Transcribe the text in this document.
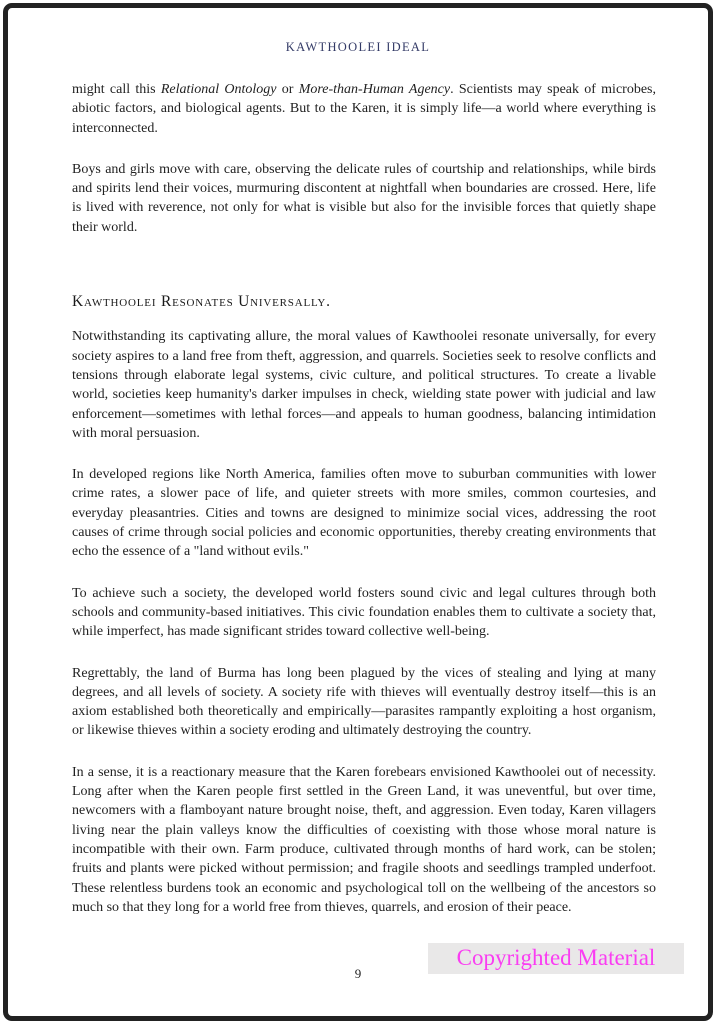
KAWTHOOLEI IDEAL

might call this Relational Ontology or More-than-Human Agency. Scientists may speak of microbes, abiotic factors, and biological agents. But to the Karen, it is simply life—a world where everything is interconnected.

Boys and girls move with care, observing the delicate rules of courtship and relationships, while birds and spirits lend their voices, murmuring discontent at nightfall when boundaries are crossed. Here, life is lived with reverence, not only for what is visible but also for the invisible forces that quietly shape their world.

Kawthoolei Resonates Universally.

Notwithstanding its captivating allure, the moral values of Kawthoolei resonate universally, for every society aspires to a land free from theft, aggression, and quarrels. Societies seek to resolve conflicts and tensions through elaborate legal systems, civic culture, and political structures. To create a livable world, societies keep humanity's darker impulses in check, wielding state power with judicial and law enforcement—sometimes with lethal forces—and appeals to human goodness, balancing intimidation with moral persuasion.

In developed regions like North America, families often move to suburban communities with lower crime rates, a slower pace of life, and quieter streets with more smiles, common courtesies, and everyday pleasantries. Cities and towns are designed to minimize social vices, addressing the root causes of crime through social policies and economic opportunities, thereby creating environments that echo the essence of a "land without evils."

To achieve such a society, the developed world fosters sound civic and legal cultures through both schools and community-based initiatives. This civic foundation enables them to cultivate a society that, while imperfect, has made significant strides toward collective well-being.

Regrettably, the land of Burma has long been plagued by the vices of stealing and lying at many degrees, and all levels of society. A society rife with thieves will eventually destroy itself—this is an axiom established both theoretically and empirically—parasites rampantly exploiting a host organism, or likewise thieves within a society eroding and ultimately destroying the country.

In a sense, it is a reactionary measure that the Karen forebears envisioned Kawthoolei out of necessity. Long after when the Karen people first settled in the Green Land, it was uneventful, but over time, newcomers with a flamboyant nature brought noise, theft, and aggression. Even today, Karen villagers living near the plain valleys know the difficulties of coexisting with those whose moral nature is incompatible with their own. Farm produce, cultivated through months of hard work, can be stolen; fruits and plants were picked without permission; and fragile shoots and seedlings trampled underfoot. These relentless burdens took an economic and psychological toll on the wellbeing of the ancestors so much so that they long for a world free from thieves, quarrels, and erosion of their peace.

Copyrighted Material
9
